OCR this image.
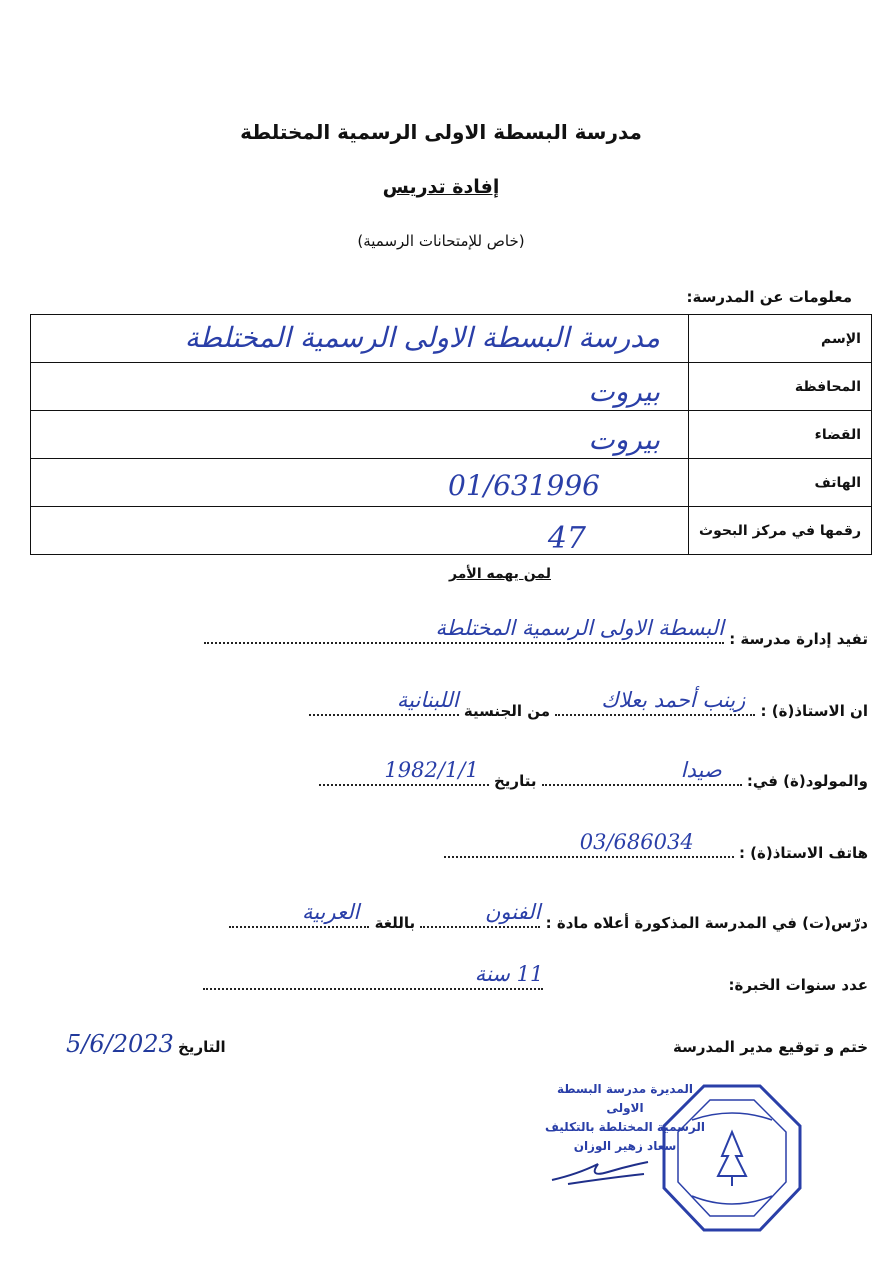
مدرسة البسطة الاولى الرسمية المختلطة
إفادة تدريس
(خاص للإمتحانات الرسمية)
معلومات عن المدرسة:
الإسم	مدرسة البسطة الاولى الرسمية المختلطة

المحافظة	بيروت

القضاء	بيروت

الهاتف	01/631996

رقمها في مركز البحوث	47
لمن يهمه الأمر
تفيد إدارة مدرسة :
البسطة الاولى الرسمية المختلطة
ان الاستاذ(ة) :
زينب أحمد بعلاك
من الجنسية
اللبنانية
والمولود(ة) في:
صيدا
بتاريخ
1982/1/1
هاتف الاستاذ(ة) :
03/686034
درّس(ت) في المدرسة المذكورة أعلاه مادة :
الفنون
باللغة
العربية
عدد سنوات الخبرة:
11 سنة
ختم و توقيع مدير المدرسة
التاريخ
5/6/2023
المديرة مدرسة البسطة الاولى
الرسمية المختلطة بالتكليف
سعاد زهير الوزان
